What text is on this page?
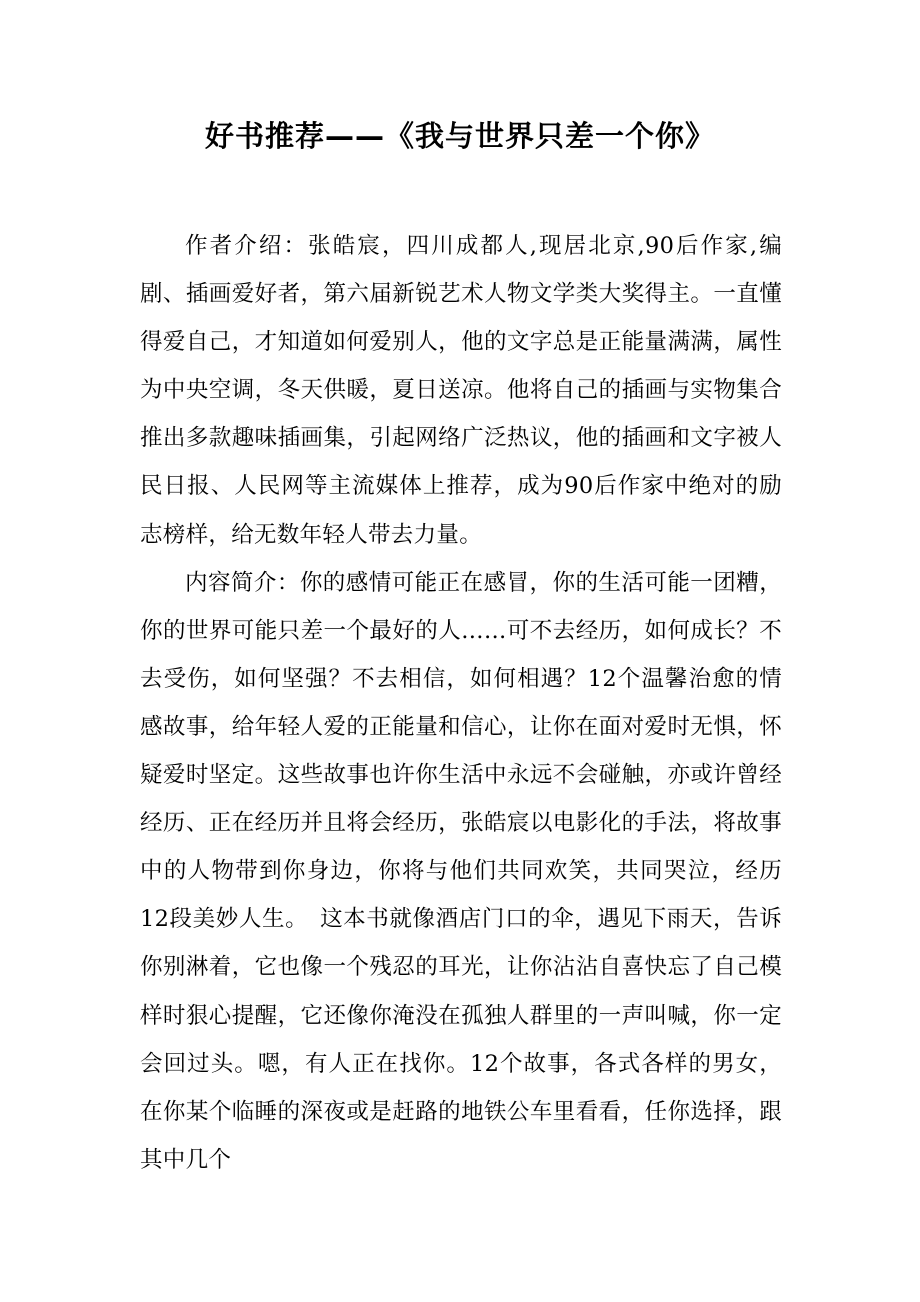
好书推荐——《我与世界只差一个你》

作者介绍：张皓宸，四川成都人,现居北京,90后作家,编剧、插画爱好者，第六届新锐艺术人物文学类大奖得主。一直懂得爱自己，才知道如何爱别人，他的文字总是正能量满满，属性为中央空调，冬天供暖，夏日送凉。他将自己的插画与实物集合推出多款趣味插画集，引起网络广泛热议，他的插画和文字被人民日报、人民网等主流媒体上推荐，成为90后作家中绝对的励志榜样，给无数年轻人带去力量。

内容简介：你的感情可能正在感冒，你的生活可能一团糟，你的世界可能只差一个最好的人……可不去经历，如何成长？不去受伤，如何坚强？不去相信，如何相遇？12个温馨治愈的情感故事，给年轻人爱的正能量和信心，让你在面对爱时无惧，怀疑爱时坚定。这些故事也许你生活中永远不会碰触，亦或许曾经经历、正在经历并且将会经历，张皓宸以电影化的手法，将故事中的人物带到你身边，你将与他们共同欢笑，共同哭泣，经历12段美妙人生。　这本书就像酒店门口的伞，遇见下雨天，告诉你别淋着，它也像一个残忍的耳光，让你沾沾自喜快忘了自己模样时狠心提醒，它还像你淹没在孤独人群里的一声叫喊，你一定会回过头。嗯，有人正在找你。12个故事，各式各样的男女，在你某个临睡的深夜或是赶路的地铁公车里看看，任你选择，跟其中几个
